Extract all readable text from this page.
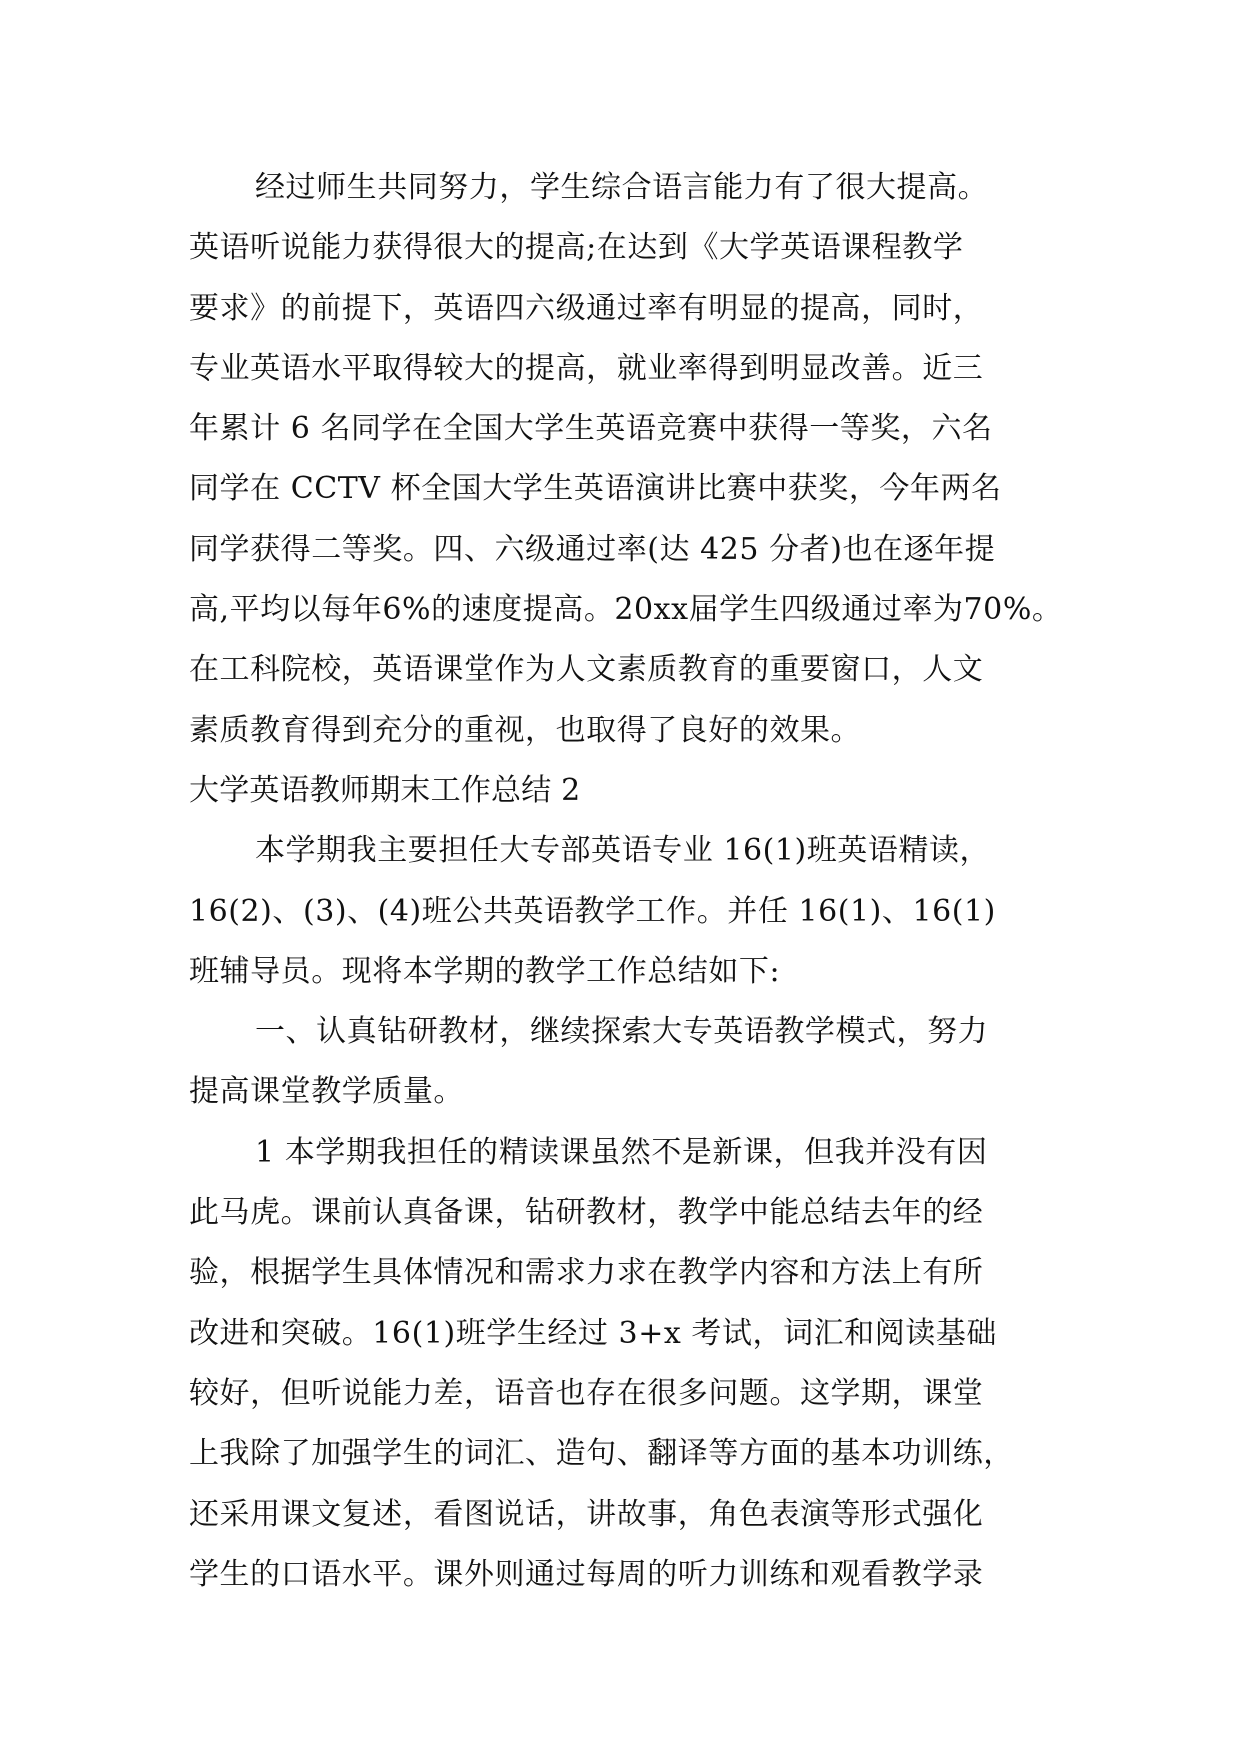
经过师生共同努力，学生综合语言能力有了很大提高。
英语听说能力获得很大的提高;在达到《大学英语课程教学
要求》的前提下，英语四六级通过率有明显的提高，同时，
专业英语水平取得较大的提高，就业率得到明显改善。近三
年累计 6 名同学在全国大学生英语竞赛中获得一等奖，六名
同学在 CCTV 杯全国大学生英语演讲比赛中获奖，今年两名
同学获得二等奖。四、六级通过率(达 425 分者)也在逐年提
高,平均以每年6%的速度提高。20xx届学生四级通过率为70%。
在工科院校，英语课堂作为人文素质教育的重要窗口，人文
素质教育得到充分的重视，也取得了良好的效果。
大学英语教师期末工作总结 2
本学期我主要担任大专部英语专业 16(1)班英语精读，
16(2)、(3)、(4)班公共英语教学工作。并任 16(1)、16(1)
班辅导员。现将本学期的教学工作总结如下:
一、认真钻研教材，继续探索大专英语教学模式，努力
提高课堂教学质量。
1 本学期我担任的精读课虽然不是新课，但我并没有因
此马虎。课前认真备课，钻研教材，教学中能总结去年的经
验，根据学生具体情况和需求力求在教学内容和方法上有所
改进和突破。16(1)班学生经过 3+x 考试，词汇和阅读基础
较好，但听说能力差，语音也存在很多问题。这学期，课堂
上我除了加强学生的词汇、造句、翻译等方面的基本功训练，
还采用课文复述，看图说话，讲故事，角色表演等形式强化
学生的口语水平。课外则通过每周的听力训练和观看教学录
